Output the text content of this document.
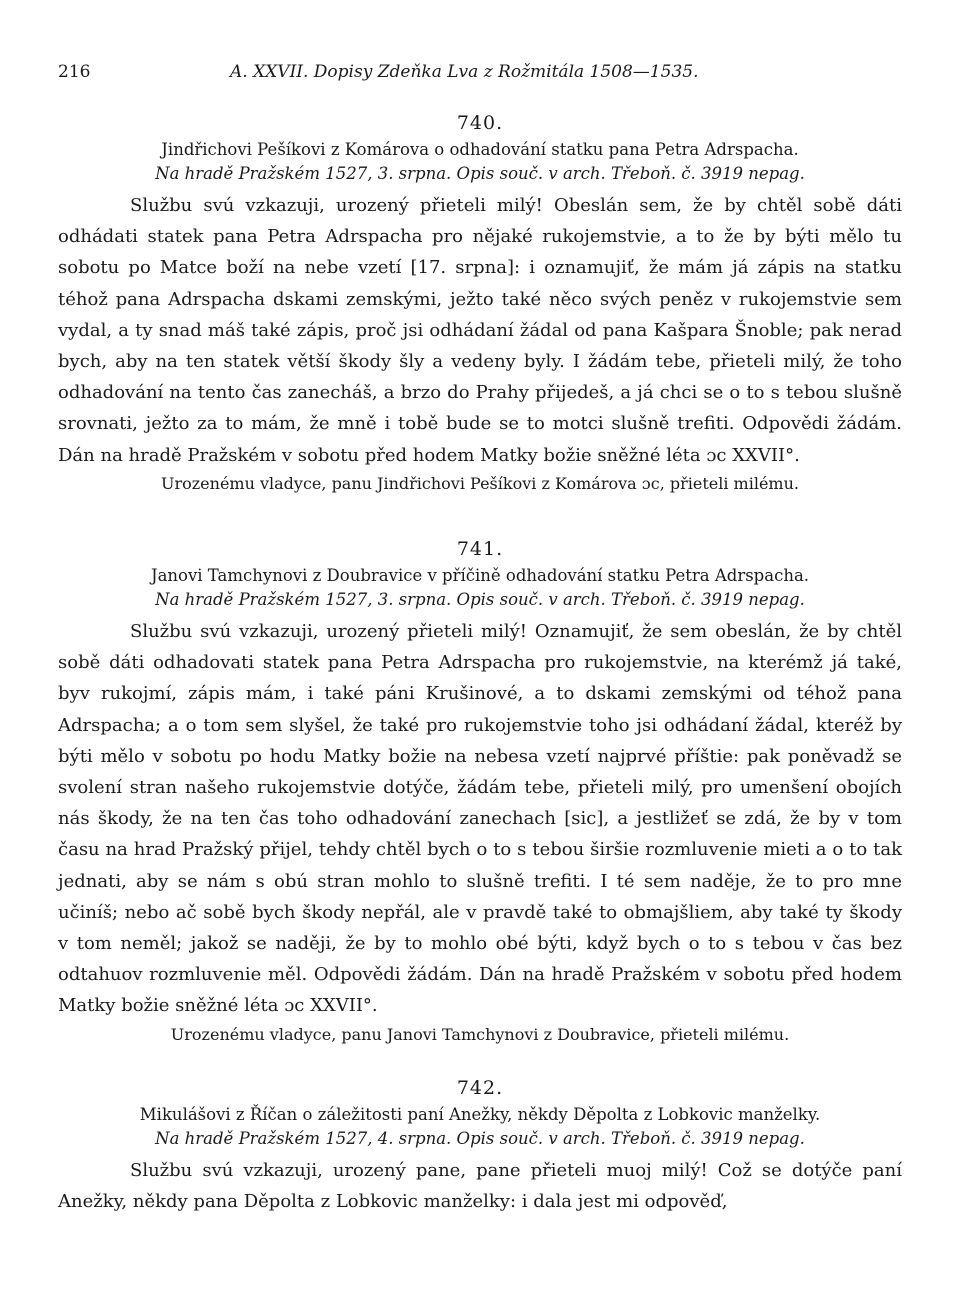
216	A. XXVII. Dopisy Zdeňka Lva z Rožmitála 1508—1535.

740.

Jindřichovi Pešíkovi z Komárova o odhadování statku pana Petra Adrspacha.

Na hradě Pražském 1527, 3. srpna. Opis souč. v arch. Třeboň. č. 3919 nepag.

Službu svú vzkazuji, urozený přieteli milý! Obeslán sem, že by chtěl sobě dáti odhádati statek pana Petra Adrspacha pro nějaké rukojemstvie, a to že by býti mělo tu sobotu po Matce boží na nebe vzetí [17. srpna]: i oznamujiť, že mám já zápis na statku téhož pana Adrspacha dskami zemskými, ježto také něco svých peněz v rukojemstvie sem vydal, a ty snad máš také zápis, proč jsi odhádaní žádal od pana Kašpara Šnoble; pak nerad bych, aby na ten statek větší škody šly a vedeny byly. I žádám tebe, přieteli milý, že toho odhadování na tento čas zanecháš, a brzo do Prahy přijedeš, a já chci se o to s tebou slušně srovnati, ježto za to mám, že mně i tobě bude se to motci slušně trefiti. Odpovědi žádám. Dán na hradě Pražském v sobotu před hodem Matky božie sněžné léta ɔc XXVII°.

Urozenému vladyce, panu Jindřichovi Pešíkovi z Komárova ɔc, přieteli milému.

741.

Janovi Tamchynovi z Doubravice v příčině odhadování statku Petra Adrspacha.

Na hradě Pražském 1527, 3. srpna. Opis souč. v arch. Třeboň. č. 3919 nepag.

Službu svú vzkazuji, urozený přieteli milý! Oznamujiť, že sem obeslán, že by chtěl sobě dáti odhadovati statek pana Petra Adrspacha pro rukojemstvie, na kterémž já také, byv rukojmí, zápis mám, i také páni Krušinové, a to dskami zemskými od téhož pana Adrspacha; a o tom sem slyšel, že také pro rukojemstvie toho jsi odhádaní žádal, kteréž by býti mělo v sobotu po hodu Matky božie na nebesa vzetí najprvé příštie: pak poněvadž se svolení stran našeho rukojemstvie dotýče, žádám tebe, přieteli milý, pro umenšení obojích nás škody, že na ten čas toho odhadování zanechach [sic], a jestližeť se zdá, že by v tom času na hrad Pražský přijel, tehdy chtěl bych o to s tebou širšie rozmluvenie mieti a o to tak jednati, aby se nám s obú stran mohlo to slušně trefiti. I té sem naděje, že to pro mne učiníš; nebo ač sobě bych škody nepřál, ale v pravdě také to obmajšliem, aby také ty škody v tom neměl; jakož se naději, že by to mohlo obé býti, když bych o to s tebou v čas bez odtahuov rozmluvenie měl. Odpovědi žádám. Dán na hradě Pražském v sobotu před hodem Matky božie sněžné léta ɔc XXVII°.

Urozenému vladyce, panu Janovi Tamchynovi z Doubravice, přieteli milému.

742.

Mikulášovi z Říčan o záležitosti paní Anežky, někdy Děpolta z Lobkovic manželky.

Na hradě Pražském 1527, 4. srpna. Opis souč. v arch. Třeboň. č. 3919 nepag.

Službu svú vzkazuji, urozený pane, pane přieteli muoj milý! Což se dotýče paní Anežky, někdy pana Děpolta z Lobkovic manželky: i dala jest mi odpověď,
